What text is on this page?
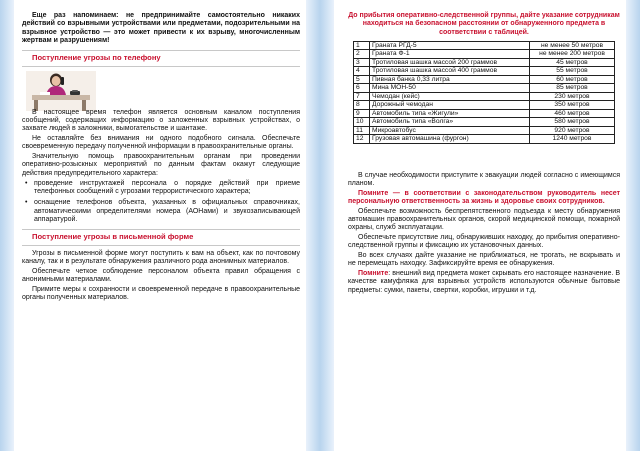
Еще раз напоминаем: не предпринимайте самостоятельно никаких действий со взрывными устройствами или предметами, подозрительными на взрывное устройство — это может привести к их взрыву, многочисленным жертвам и разрушениям!

Поступление угрозы по телефону

В настоящее время телефон является основным каналом поступления сообщений, содержащих информацию о заложенных взрывных устройствах, о захвате людей в заложники, вымогательстве и шантаже.

Не оставляйте без внимания ни одного подобного сигнала. Обеспечьте своевременную передачу полученной информации в правоохранительные органы.

Значительную помощь правоохранительным органам при проведении оперативно-розыскных мероприятий по данным фактам окажут следующие действия предупредительного характера:

• проведение инструктажей персонала о порядке действий при приеме телефонных сообщений с угрозами террористического характера;
• оснащение телефонов объекта, указанных в официальных справочниках, автоматическими определителями номера (АОНами) и звукозаписывающей аппаратурой.
Поступление угрозы в письменной форме

Угрозы в письменной форме могут поступить к вам на объект, как по почтовому каналу, так и в результате обнаружения различного рода анонимных материалов.

Обеспечьте четкое соблюдение персоналом объекта правил обращения с анонимными материалами.

Примите меры к сохранности и своевременной передаче в правоохранительные органы полученных материалов.

До прибытия оперативно-следственной группы, дайте указание сотрудникам находиться на безопасном расстоянии от обнаруженного предмета в соответствии с таблицей.

1	Граната РГД-5	не менее 50 метров
2	Граната Ф-1	не менее 200 метров
3	Тротиловая шашка массой 200 граммов	45 метров
4	Тротиловая шашка массой 400 граммов	55 метров
5	Пивная банка 0,33 литра	60 метров
6	Мина МОН-50	85 метров
7	Чемодан (кейс)	230 метров
8	Дорожный чемодан	350 метров
9	Автомобиль типа «Жигули»	460 метров
10	Автомобиль типа «Волга»	580 метров
11	Микроавтобус	920 метров
12	Грузовая автомашина (фургон)	1240 метров

В случае необходимости приступите к эвакуации людей согласно с имеющимся планом.

Помните — в соответствии с законодательством руководитель несет персональную ответственность за жизнь и здоровье своих сотрудников.

Обеспечьте возможность беспрепятственного подъезда к месту обнаружения автомашин правоохранительных органов, скорой медицинской помощи, пожарной охраны, служб эксплуатации.

Обеспечьте присутствие лиц, обнаруживших находку, до прибытия оперативно-следственной группы и фиксацию их установочных данных.

Во всех случаях дайте указание не приближаться, не трогать, не вскрывать и не перемещать находку. Зафиксируйте время ее обнаружения.

Помните: внешний вид предмета может скрывать его настоящее назначение. В качестве камуфляжа для взрывных устройств используются обычные бытовые предметы: сумки, пакеты, свертки, коробки, игрушки и т.д.
